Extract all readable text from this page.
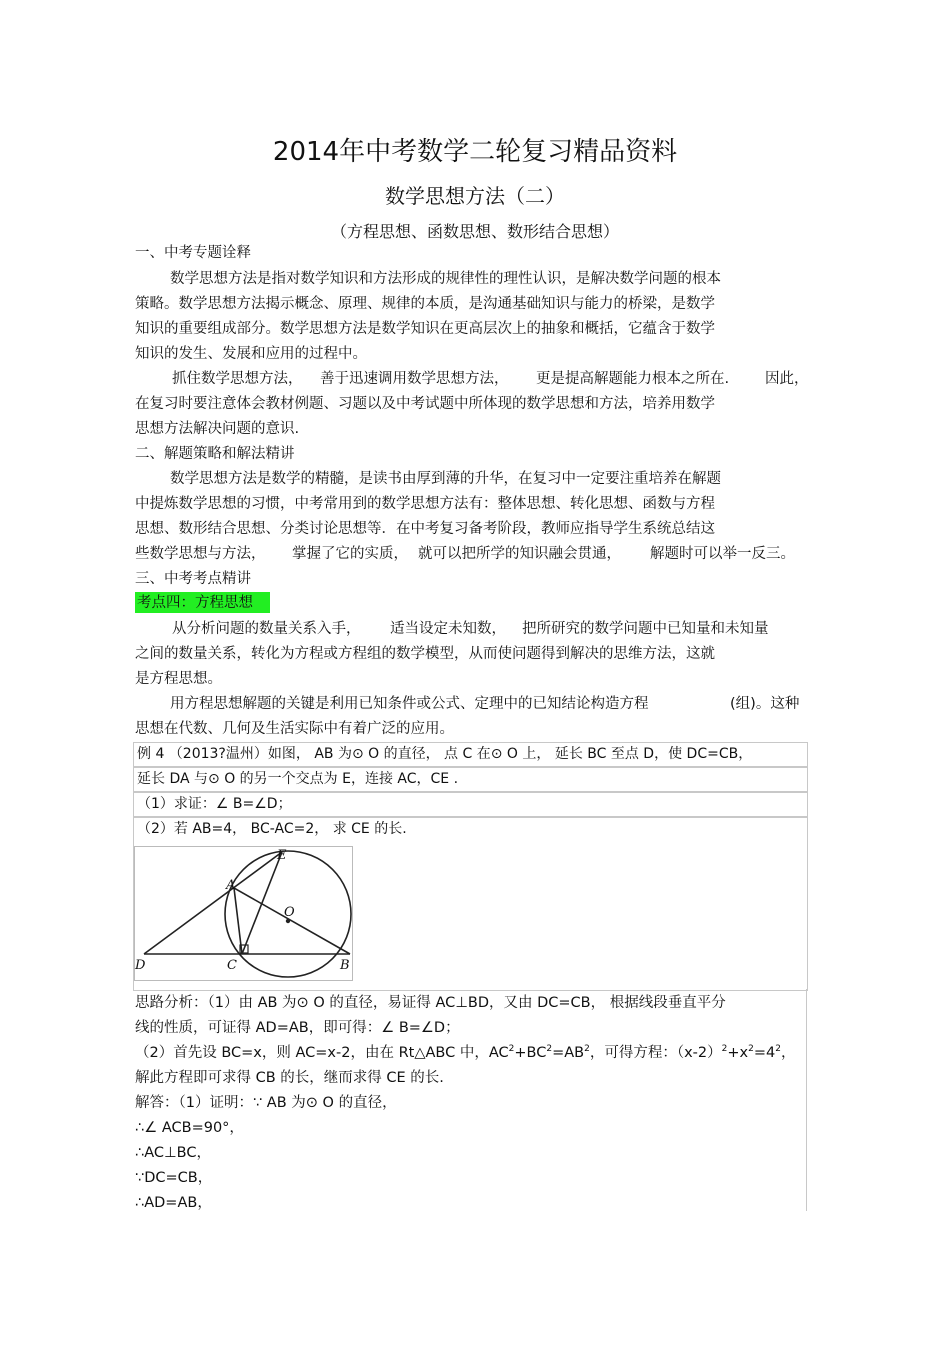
2014年中考数学二轮复习精品资料
数学思想方法（二）
（方程思想、函数思想、数形结合思想）
一、中考专题诠释
数学思想方法是指对数学知识和方法形成的规律性的理性认识，是解决数学问题的根本
策略。数学思想方法揭示概念、原理、规律的本质，是沟通基础知识与能力的桥梁，是数学
知识的重要组成部分。数学思想方法是数学知识在更高层次上的抽象和概括，它蕴含于数学
知识的发生、发展和应用的过程中。
抓住数学思想方法， 善于迅速调用数学思想方法， 更是提高解题能力根本之所在. 因此，
在复习时要注意体会教材例题、习题以及中考试题中所体现的数学思想和方法，培养用数学
思想方法解决问题的意识.
二、解题策略和解法精讲
数学思想方法是数学的精髓，是读书由厚到薄的升华，在复习中一定要注重培养在解题
中提炼数学思想的习惯，中考常用到的数学思想方法有：整体思想、转化思想、函数与方程
思想、数形结合思想、分类讨论思想等．在中考复习备考阶段，教师应指导学生系统总结这
些数学思想与方法， 掌握了它的实质， 就可以把所学的知识融会贯通， 解题时可以举一反三。
三、中考考点精讲
考点四：方程思想
从分析问题的数量关系入手， 适当设定未知数， 把所研究的数学问题中已知量和未知量
之间的数量关系，转化为方程或方程组的数学模型，从而使问题得到解决的思维方法，这就
是方程思想。
用方程思想解题的关键是利用已知条件或公式、定理中的已知结论构造方程	(组)。这种
思想在代数、几何及生活实际中有着广泛的应用。
例 4 （2013?温州）如图， AB 为⊙ O 的直径， 点 C 在⊙ O 上， 延长 BC 至点 D，使 DC=CB，
延长 DA 与⊙ O 的另一个交点为 E，连接 AC，CE .
（1）求证：∠ B=∠D；
（2）若 AB=4， BC-AC=2， 求 CE 的长.
E
A
O
D	C	B
思路分析：（1）由 AB 为⊙ O 的直径，易证得 AC⊥BD，又由 DC=CB， 根据线段垂直平分
线的性质，可证得 AD=AB，即可得：∠ B=∠D；
（2）首先设 BC=x，则 AC=x-2，由在 Rt△ABC 中，$AC^2+BC^2=AB^2$，可得方程：$(x-2)^2+x^2=4^2$，
解此方程即可求得 CB 的长，继而求得 CE 的长.
解答：（1）证明：∵ AB 为⊙ O 的直径，
∴∠ ACB=90°，
∴AC⊥BC，
∵DC=CB，
∴AD=AB，
